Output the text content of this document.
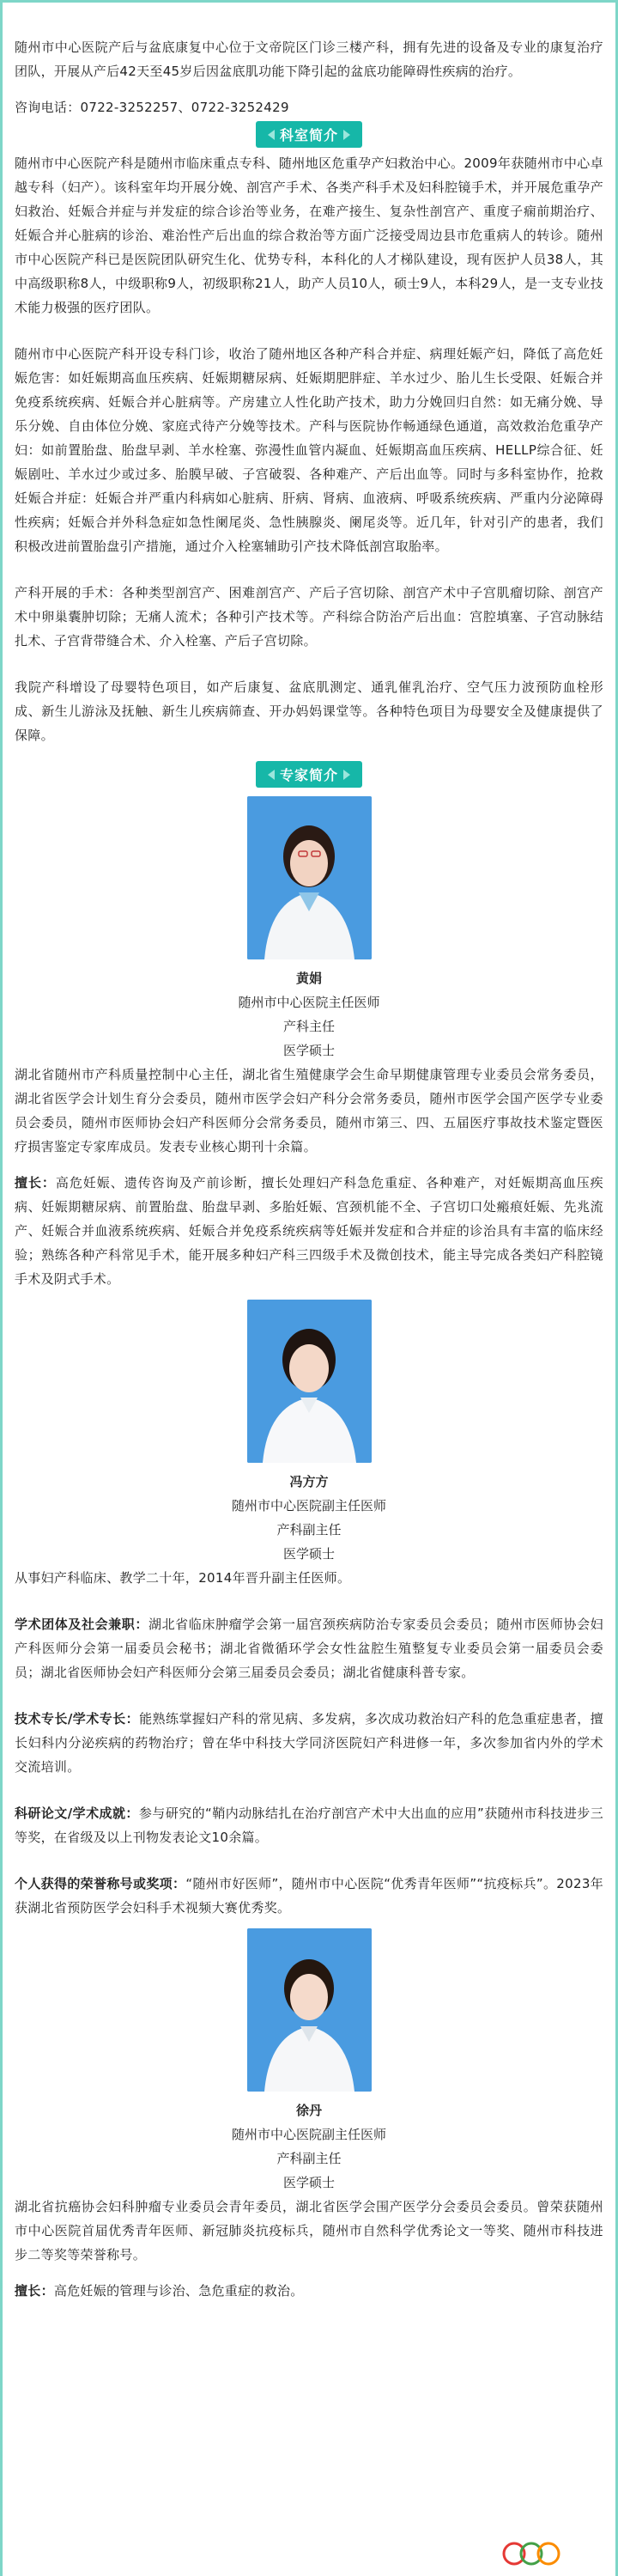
随州市中心医院产后与盆底康复中心位于文帝院区门诊三楼产科，拥有先进的设备及专业的康复治疗团队，开展从产后42天至45岁后因盆底肌功能下降引起的盆底功能障碍性疾病的治疗。

咨询电话：0722-3252257、0722-3252429

科室简介

随州市中心医院产科是随州市临床重点专科、随州地区危重孕产妇救治中心。2009年获随州市中心卓越专科（妇产）。该科室年均开展分娩、剖宫产手术、各类产科手术及妇科腔镜手术，并开展危重孕产妇救治、妊娠合并症与并发症的综合诊治等业务，在难产接生、复杂性剖宫产、重度子痫前期治疗、妊娠合并心脏病的诊治、难治性产后出血的综合救治等方面广泛接受周边县市危重病人的转诊。随州市中心医院产科已是医院团队研究生化、优势专科，本科化的人才梯队建设，现有医护人员38人，其中高级职称8人，中级职称9人，初级职称21人，助产人员10人，硕士9人，本科29人，是一支专业技术能力极强的医疗团队。

随州市中心医院产科开设专科门诊，收治了随州地区各种产科合并症、病理妊娠产妇，降低了高危妊娠危害：如妊娠期高血压疾病、妊娠期糖尿病、妊娠期肥胖症、羊水过少、胎儿生长受限、妊娠合并免疫系统疾病、妊娠合并心脏病等。产房建立人性化助产技术，助力分娩回归自然：如无痛分娩、导乐分娩、自由体位分娩、家庭式待产分娩等技术。产科与医院协作畅通绿色通道，高效救治危重孕产妇：如前置胎盘、胎盘早剥、羊水栓塞、弥漫性血管内凝血、妊娠期高血压疾病、HELLP综合征、妊娠剧吐、羊水过少或过多、胎膜早破、子宫破裂、各种难产、产后出血等。同时与多科室协作，抢救妊娠合并症：妊娠合并严重内科病如心脏病、肝病、肾病、血液病、呼吸系统疾病、严重内分泌障碍性疾病；妊娠合并外科急症如急性阑尾炎、急性胰腺炎、阑尾炎等。近几年，针对引产的患者，我们积极改进前置胎盘引产措施，通过介入栓塞辅助引产技术降低剖宫取胎率。

产科开展的手术：各种类型剖宫产、困难剖宫产、产后子宫切除、剖宫产术中子宫肌瘤切除、剖宫产术中卵巢囊肿切除；无痛人流术；各种引产技术等。产科综合防治产后出血：宫腔填塞、子宫动脉结扎术、子宫背带缝合术、介入栓塞、产后子宫切除。

我院产科增设了母婴特色项目，如产后康复、盆底肌测定、通乳催乳治疗、空气压力波预防血栓形成、新生儿游泳及抚触、新生儿疾病筛查、开办妈妈课堂等。各种特色项目为母婴安全及健康提供了保障。

专家简介

黄娟

随州市中心医院主任医师

产科主任

医学硕士

湖北省随州市产科质量控制中心主任，湖北省生殖健康学会生命早期健康管理专业委员会常务委员，湖北省医学会计划生育分会委员，随州市医学会妇产科分会常务委员，随州市医学会国产医学专业委员会委员，随州市医师协会妇产科医师分会常务委员，随州市第三、四、五届医疗事故技术鉴定暨医疗损害鉴定专家库成员。发表专业核心期刊十余篇。

擅长：高危妊娠、遗传咨询及产前诊断，擅长处理妇产科急危重症、各种难产，对妊娠期高血压疾病、妊娠期糖尿病、前置胎盘、胎盘早剥、多胎妊娠、宫颈机能不全、子宫切口处瘢痕妊娠、先兆流产、妊娠合并血液系统疾病、妊娠合并免疫系统疾病等妊娠并发症和合并症的诊治具有丰富的临床经验；熟练各种产科常见手术，能开展多种妇产科三四级手术及微创技术，能主导完成各类妇产科腔镜手术及阴式手术。

冯方方

随州市中心医院副主任医师

产科副主任

医学硕士

从事妇产科临床、教学二十年，2014年晋升副主任医师。

学术团体及社会兼职：湖北省临床肿瘤学会第一届宫颈疾病防治专家委员会委员；随州市医师协会妇产科医师分会第一届委员会秘书；湖北省微循环学会女性盆腔生殖整复专业委员会第一届委员会委员；湖北省医师协会妇产科医师分会第三届委员会委员；湖北省健康科普专家。

技术专长/学术专长：能熟练掌握妇产科的常见病、多发病，多次成功救治妇产科的危急重症患者，擅长妇科内分泌疾病的药物治疗；曾在华中科技大学同济医院妇产科进修一年，多次参加省内外的学术交流培训。

科研论文/学术成就：参与研究的“鞘内动脉结扎在治疗剖宫产术中大出血的应用”获随州市科技进步三等奖，在省级及以上刊物发表论文10余篇。

个人获得的荣誉称号或奖项：“随州市好医师”，随州市中心医院“优秀青年医师”“抗疫标兵”。2023年获湖北省预防医学会妇科手术视频大赛优秀奖。

徐丹

随州市中心医院副主任医师

产科副主任

医学硕士

湖北省抗癌协会妇科肿瘤专业委员会青年委员，湖北省医学会围产医学分会委员会委员。曾荣获随州市中心医院首届优秀青年医师、新冠肺炎抗疫标兵，随州市自然科学优秀论文一等奖、随州市科技进步二等奖等荣誉称号。

擅长：高危妊娠的管理与诊治、急危重症的救治。
